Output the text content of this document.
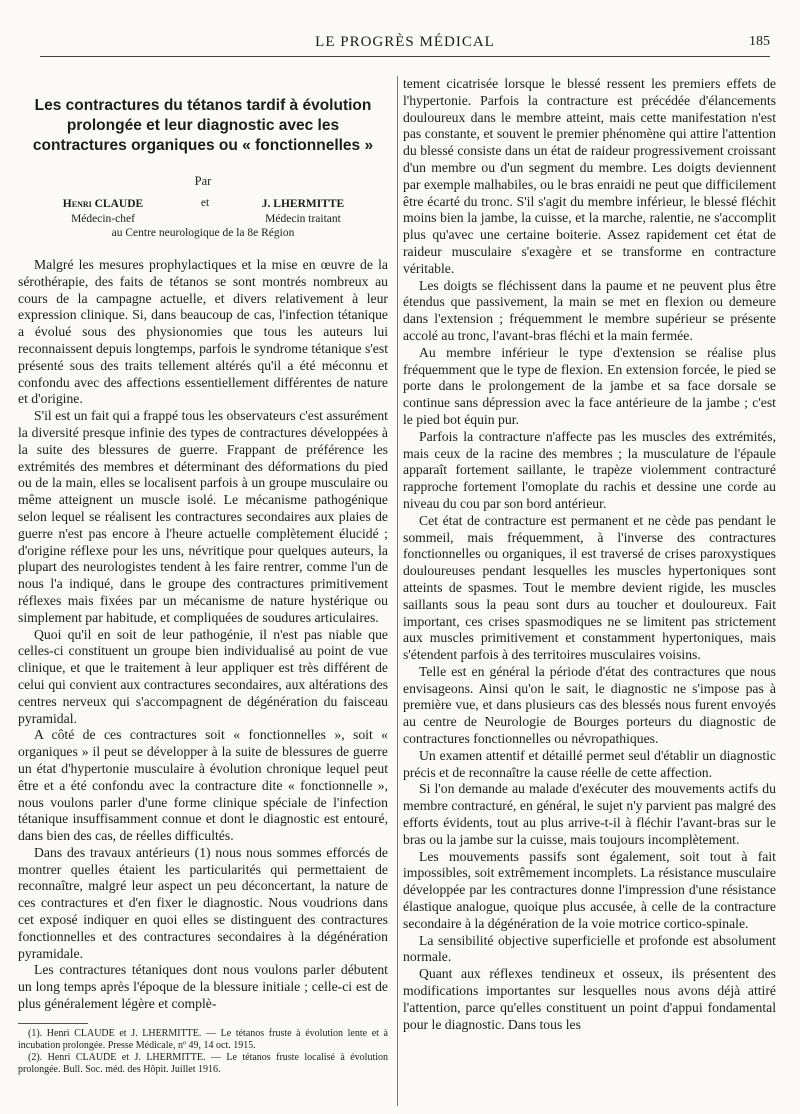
LE PROGRÈS MÉDICAL	185
Les contractures du tétanos tardif à évolution
prolongée et leur diagnostic avec les
contractures organiques ou « fonctionnelles »
Par
Henri CLAUDE
Médecin-chef
et	J. LHERMITTE
Médecin traitant
au Centre neurologique de la 8e Région

Malgré les mesures prophylactiques et la mise en œuvre de la sérothérapie, des faits de tétanos se sont montrés nombreux au cours de la campagne actuelle, et divers relativement à leur expression clinique. Si, dans beaucoup de cas, l'infection tétanique a évolué sous des physionomies que tous les auteurs lui reconnaissent depuis longtemps, parfois le syndrome tétanique s'est présenté sous des traits tellement altérés qu'il a été méconnu et confondu avec des affections essentiellement différentes de nature et d'origine.

S'il est un fait qui a frappé tous les observateurs c'est assurément la diversité presque infinie des types de contractures développées à la suite des blessures de guerre. Frappant de préférence les extrémités des membres et déterminant des déformations du pied ou de la main, elles se localisent parfois à un groupe musculaire ou même atteignent un muscle isolé. Le mécanisme pathogénique selon lequel se réalisent les contractures secondaires aux plaies de guerre n'est pas encore à l'heure actuelle complètement élucidé ; d'origine réflexe pour les uns, névritique pour quelques auteurs, la plupart des neurologistes tendent à les faire rentrer, comme l'un de nous l'a indiqué, dans le groupe des contractures primitivement réflexes mais fixées par un mécanisme de nature hystérique ou simplement par habitude, et compliquées de soudures articulaires.

Quoi qu'il en soit de leur pathogénie, il n'est pas niable que celles-ci constituent un groupe bien individualisé au point de vue clinique, et que le traitement à leur appliquer est très différent de celui qui convient aux contractures secondaires, aux altérations des centres nerveux qui s'accompagnent de dégénération du faisceau pyramidal.

A côté de ces contractures soit « fonctionnelles », soit « organiques » il peut se développer à la suite de blessures de guerre un état d'hypertonie musculaire à évolution chronique lequel peut être et a été confondu avec la contracture dite « fonctionnelle », nous voulons parler d'une forme clinique spéciale de l'infection tétanique insuffisamment connue et dont le diagnostic est entouré, dans bien des cas, de réelles difficultés.

Dans des travaux antérieurs (1) nous nous sommes efforcés de montrer quelles étaient les particularités qui permettaient de reconnaître, malgré leur aspect un peu déconcertant, la nature de ces contractures et d'en fixer le diagnostic. Nous voudrions dans cet exposé indiquer en quoi elles se distinguent des contractures fonctionnelles et des contractures secondaires à la dégénération pyramidale.

Les contractures tétaniques dont nous voulons parler débutent un long temps après l'époque de la blessure initiale ; celle-ci est de plus généralement légère et complè-

(1). Henri CLAUDE et J. LHERMITTE. — Le tétanos fruste à évolution lente et à incubation prolongée. Presse Médicale, nº 49, 14 oct. 1915.

(2). Henri CLAUDE et J. LHERMITTE. — Le tétanos fruste localisé à évolution prolongée. Bull. Soc. méd. des Hôpit. Juillet 1916.

tement cicatrisée lorsque le blessé ressent les premiers effets de l'hypertonie. Parfois la contracture est précédée d'élancements douloureux dans le membre atteint, mais cette manifestation n'est pas constante, et souvent le premier phénomène qui attire l'attention du blessé consiste dans un état de raideur progressivement croissant d'un membre ou d'un segment du membre. Les doigts deviennent par exemple malhabiles, ou le bras enraidi ne peut que difficilement être écarté du tronc. S'il s'agit du membre inférieur, le blessé fléchit moins bien la jambe, la cuisse, et la marche, ralentie, ne s'accomplit plus qu'avec une certaine boiterie. Assez rapidement cet état de raideur musculaire s'exagère et se transforme en contracture véritable.

Les doigts se fléchissent dans la paume et ne peuvent plus être étendus que passivement, la main se met en flexion ou demeure dans l'extension ; fréquemment le membre supérieur se présente accolé au tronc, l'avant-bras fléchi et la main fermée.

Au membre inférieur le type d'extension se réalise plus fréquemment que le type de flexion. En extension forcée, le pied se porte dans le prolongement de la jambe et sa face dorsale se continue sans dépression avec la face antérieure de la jambe ; c'est le pied bot équin pur.

Parfois la contracture n'affecte pas les muscles des extrémités, mais ceux de la racine des membres ; la musculature de l'épaule apparaît fortement saillante, le trapèze violemment contracturé rapproche fortement l'omoplate du rachis et dessine une corde au niveau du cou par son bord antérieur.

Cet état de contracture est permanent et ne cède pas pendant le sommeil, mais fréquemment, à l'inverse des contractures fonctionnelles ou organiques, il est traversé de crises paroxystiques douloureuses pendant lesquelles les muscles hypertoniques sont atteints de spasmes. Tout le membre devient rigide, les muscles saillants sous la peau sont durs au toucher et douloureux. Fait important, ces crises spasmodiques ne se limitent pas strictement aux muscles primitivement et constamment hypertoniques, mais s'étendent parfois à des territoires musculaires voisins.

Telle est en général la période d'état des contractures que nous envisageons. Ainsi qu'on le sait, le diagnostic ne s'impose pas à première vue, et dans plusieurs cas des blessés nous furent envoyés au centre de Neurologie de Bourges porteurs du diagnostic de contractures fonctionnelles ou névropathiques.

Un examen attentif et détaillé permet seul d'établir un diagnostic précis et de reconnaître la cause réelle de cette affection.

Si l'on demande au malade d'exécuter des mouvements actifs du membre contracturé, en général, le sujet n'y parvient pas malgré des efforts évidents, tout au plus arrive-t-il à fléchir l'avant-bras sur le bras ou la jambe sur la cuisse, mais toujours incomplètement.

Les mouvements passifs sont également, soit tout à fait impossibles, soit extrêmement incomplets. La résistance musculaire développée par les contractures donne l'impression d'une résistance élastique analogue, quoique plus accusée, à celle de la contracture secondaire à la dégénération de la voie motrice cortico-spinale.

La sensibilité objective superficielle et profonde est absolument normale.

Quant aux réflexes tendineux et osseux, ils présentent des modifications importantes sur lesquelles nous avons déjà attiré l'attention, parce qu'elles constituent un point d'appui fondamental pour le diagnostic. Dans tous les
